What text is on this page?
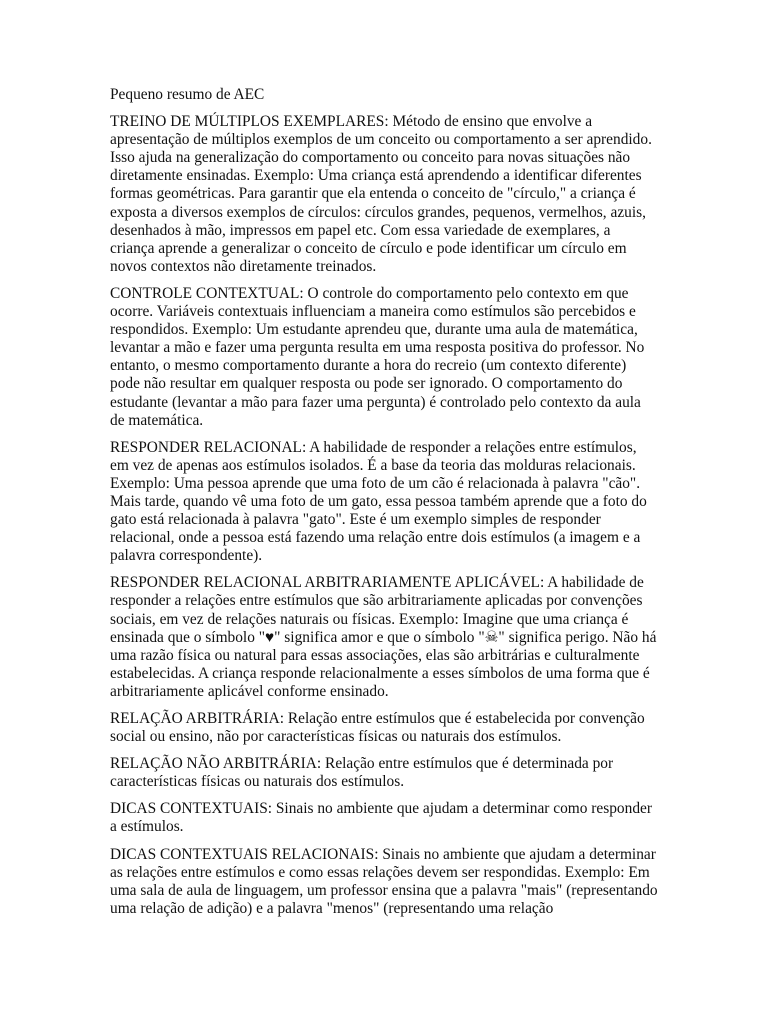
Pequeno resumo de AEC

TREINO DE MÚLTIPLOS EXEMPLARES: Método de ensino que envolve a apresentação de múltiplos exemplos de um conceito ou comportamento a ser aprendido. Isso ajuda na generalização do comportamento ou conceito para novas situações não diretamente ensinadas. Exemplo: Uma criança está aprendendo a identificar diferentes formas geométricas. Para garantir que ela entenda o conceito de "círculo," a criança é exposta a diversos exemplos de círculos: círculos grandes, pequenos, vermelhos, azuis, desenhados à mão, impressos em papel etc. Com essa variedade de exemplares, a criança aprende a generalizar o conceito de círculo e pode identificar um círculo em novos contextos não diretamente treinados.

CONTROLE CONTEXTUAL: O controle do comportamento pelo contexto em que ocorre. Variáveis contextuais influenciam a maneira como estímulos são percebidos e respondidos. Exemplo: Um estudante aprendeu que, durante uma aula de matemática, levantar a mão e fazer uma pergunta resulta em uma resposta positiva do professor. No entanto, o mesmo comportamento durante a hora do recreio (um contexto diferente) pode não resultar em qualquer resposta ou pode ser ignorado. O comportamento do estudante (levantar a mão para fazer uma pergunta) é controlado pelo contexto da aula de matemática.

RESPONDER RELACIONAL: A habilidade de responder a relações entre estímulos, em vez de apenas aos estímulos isolados. É a base da teoria das molduras relacionais. Exemplo: Uma pessoa aprende que uma foto de um cão é relacionada à palavra "cão". Mais tarde, quando vê uma foto de um gato, essa pessoa também aprende que a foto do gato está relacionada à palavra "gato". Este é um exemplo simples de responder relacional, onde a pessoa está fazendo uma relação entre dois estímulos (a imagem e a palavra correspondente).

RESPONDER RELACIONAL ARBITRARIAMENTE APLICÁVEL: A habilidade de responder a relações entre estímulos que são arbitrariamente aplicadas por convenções sociais, em vez de relações naturais ou físicas. Exemplo: Imagine que uma criança é ensinada que o símbolo "♥" significa amor e que o símbolo "☠" significa perigo. Não há uma razão física ou natural para essas associações, elas são arbitrárias e culturalmente estabelecidas. A criança responde relacionalmente a esses símbolos de uma forma que é arbitrariamente aplicável conforme ensinado.

RELAÇÃO ARBITRÁRIA: Relação entre estímulos que é estabelecida por convenção social ou ensino, não por características físicas ou naturais dos estímulos.

RELAÇÃO NÃO ARBITRÁRIA: Relação entre estímulos que é determinada por características físicas ou naturais dos estímulos.

DICAS CONTEXTUAIS: Sinais no ambiente que ajudam a determinar como responder a estímulos.

DICAS CONTEXTUAIS RELACIONAIS: Sinais no ambiente que ajudam a determinar as relações entre estímulos e como essas relações devem ser respondidas. Exemplo: Em uma sala de aula de linguagem, um professor ensina que a palavra "mais" (representando uma relação de adição) e a palavra "menos" (representando uma relação
